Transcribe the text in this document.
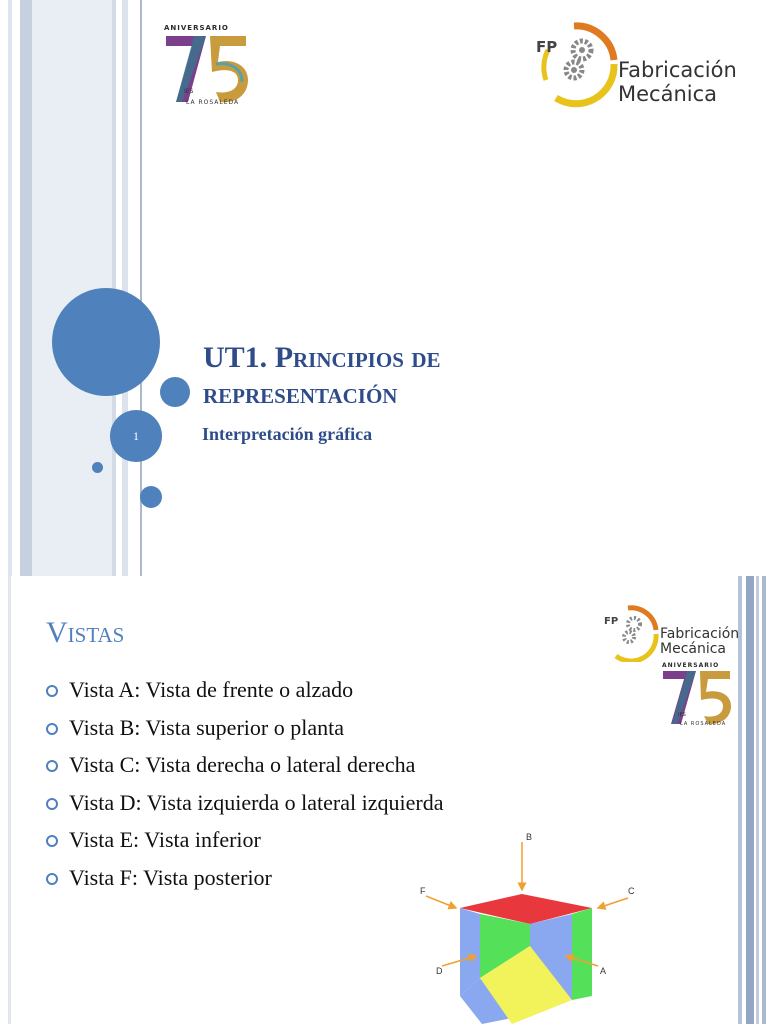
ANIVERSARIO
IES
LA ROSALEDA
FP
Fabricación
Mecánica
1
UT1. Principios de
representación
Interpretación gráfica
Vistas
Vista A: Vista de frente o alzado
Vista B: Vista superior o planta
Vista C: Vista derecha o lateral derecha
Vista D: Vista izquierda o lateral izquierda
Vista E: Vista inferior
Vista F: Vista posterior
FP
Fabricación
Mecánica
ANIVERSARIO
IES
LA ROSALEDA
B
F	C
D	A
